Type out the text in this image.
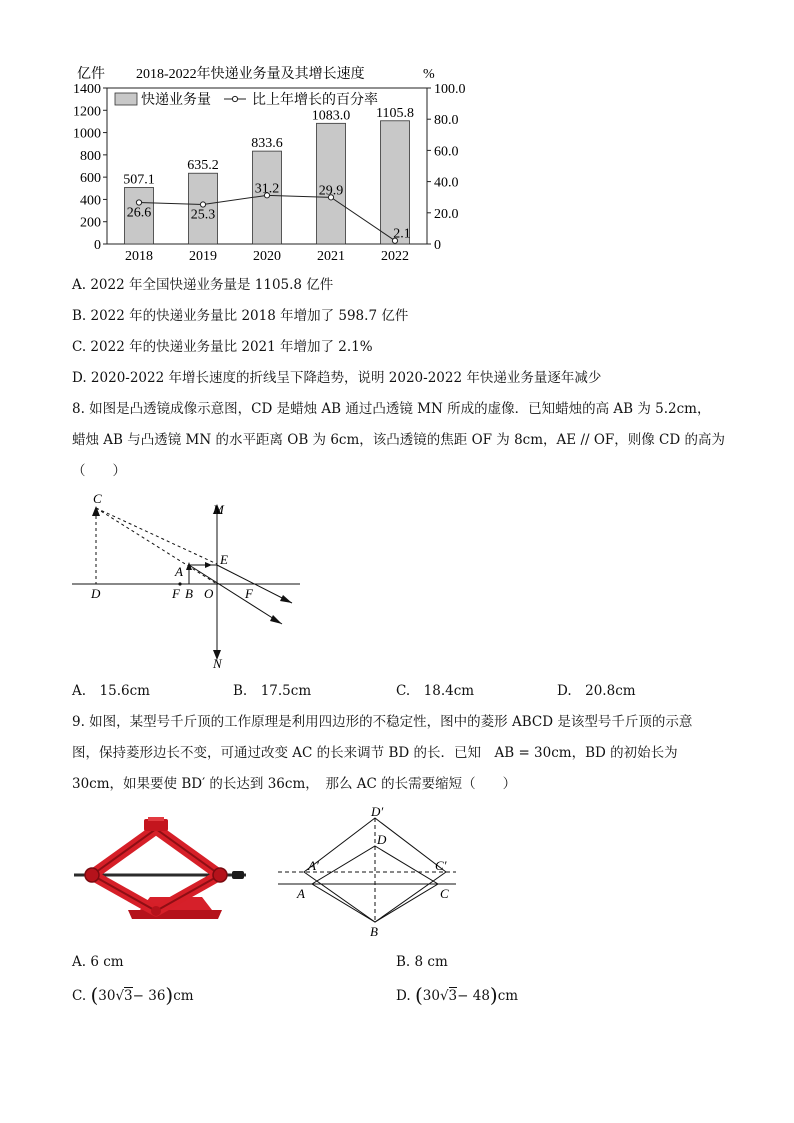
亿件 2018-2022年快递业务量及其增长速度	%
0
200
400
600
800
1000
1200
1400
0
20.0
40.0
60.0
80.0
100.0
2018	2019	2020	2021	2022
507.1
635.2
833.6
1083.0 1105.8
26.6	25.3
31.2	29.9
2.1
快递业务量	比上年增长的百分率
A. 2022 年全国快递业务量是 1105.8 亿件
B. 2022 年的快递业务量比 2018 年增加了 598.7 亿件
C. 2022 年的快递业务量比 2021 年增加了 2.1%
D. 2020-2022 年增长速度的折线呈下降趋势，说明 2020-2022 年快递业务量逐年减少
8. 如图是凸透镜成像示意图，CD 是蜡烛 AB 通过凸透镜 MN 所成的虚像．已知蜡烛的高 AB 为 5.2cm，
蜡烛 AB 与凸透镜 MN 的水平距离 OB 为 6cm，该凸透镜的焦距 OF 为 8cm，AE // OF，则像 CD 的高为
（　　）
C
M
E
A
D	F B O F
N
A.　15.6cm	B.　17.5cm	C.　18.4cm	D.　20.8cm
9. 如图，某型号千斤顶的工作原理是利用四边形的不稳定性，图中的菱形 ABCD 是该型号千斤顶的示意
图，保持菱形边长不变，可通过改变 AC 的长来调节 BD 的长．已知　AB = 30cm，BD 的初始长为
30cm，如果要使 BD′ 的长达到 36cm，　那么 AC 的长需要缩短（　　）
D′
D
A′	C′
A	C
B
A. 6 cm	B. 8 cm
C. (30√3− 36)cm	D. (30√3− 48)cm
